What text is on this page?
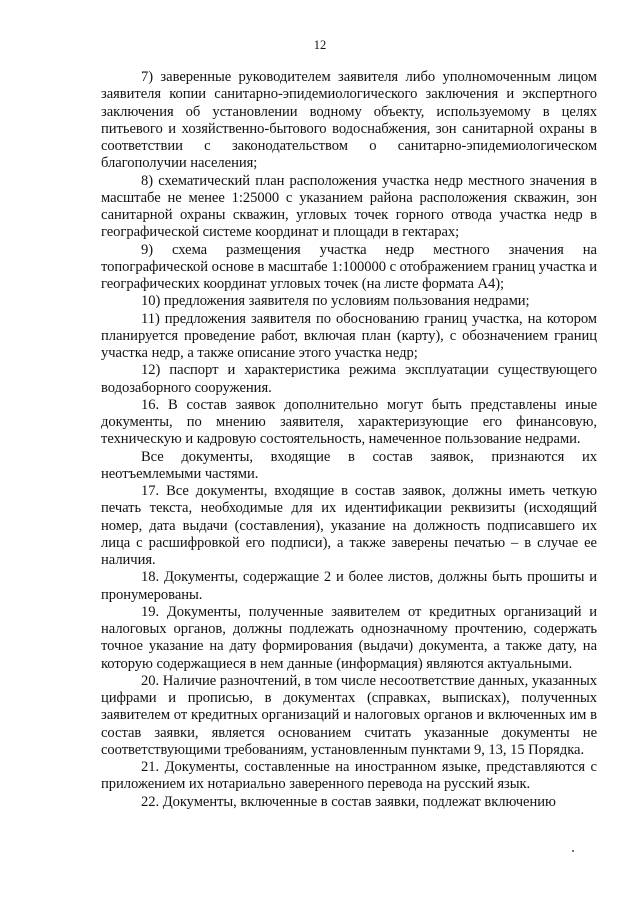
12

7) заверенные руководителем заявителя либо уполномоченным лицом заявителя копии санитарно-эпидемиологического заключения и экспертного заключения об установлении водному объекту, используемому в целях питьевого и хозяйственно-бытового водоснабжения, зон санитарной охраны в соответствии с законодательством о санитарно-эпидемиологическом благополучии населения;

8) схематический план расположения участка недр местного значения в масштабе не менее 1:25000 с указанием района расположения скважин, зон санитарной охраны скважин, угловых точек горного отвода участка недр в географической системе координат и площади в гектарах;

9) схема размещения участка недр местного значения на топографической основе в масштабе 1:100000 с отображением границ участка и географических координат угловых точек (на листе формата А4);

10) предложения заявителя по условиям пользования недрами;

11) предложения заявителя по обоснованию границ участка, на котором планируется проведение работ, включая план (карту), с обозначением границ участка недр, а также описание этого участка недр;

12) паспорт и характеристика режима эксплуатации существующего водозаборного сооружения.

16. В состав заявок дополнительно могут быть представлены иные документы, по мнению заявителя, характеризующие его финансовую, техническую и кадровую состоятельность, намеченное пользование недрами.

Все документы, входящие в состав заявок, признаются их неотъемлемыми частями.

17. Все документы, входящие в состав заявок, должны иметь четкую печать текста, необходимые для их идентификации реквизиты (исходящий номер, дата выдачи (составления), указание на должность подписавшего их лица с расшифровкой его подписи), а также заверены печатью – в случае ее наличия.

18. Документы, содержащие 2 и более листов, должны быть прошиты и пронумерованы.

19. Документы, полученные заявителем от кредитных организаций и налоговых органов, должны подлежать однозначному прочтению, содержать точное указание на дату формирования (выдачи) документа, а также дату, на которую содержащиеся в нем данные (информация) являются актуальными.

20. Наличие разночтений, в том числе несоответствие данных, указанных цифрами и прописью, в документах (справках, выписках), полученных заявителем от кредитных организаций и налоговых органов и включенных им в состав заявки, является основанием считать указанные документы не соответствующими требованиям, установленным пунктами 9, 13, 15 Порядка.

21. Документы, составленные на иностранном языке, представляются с приложением их нотариально заверенного перевода на русский язык.

22. Документы, включенные в состав заявки, подлежат включению
